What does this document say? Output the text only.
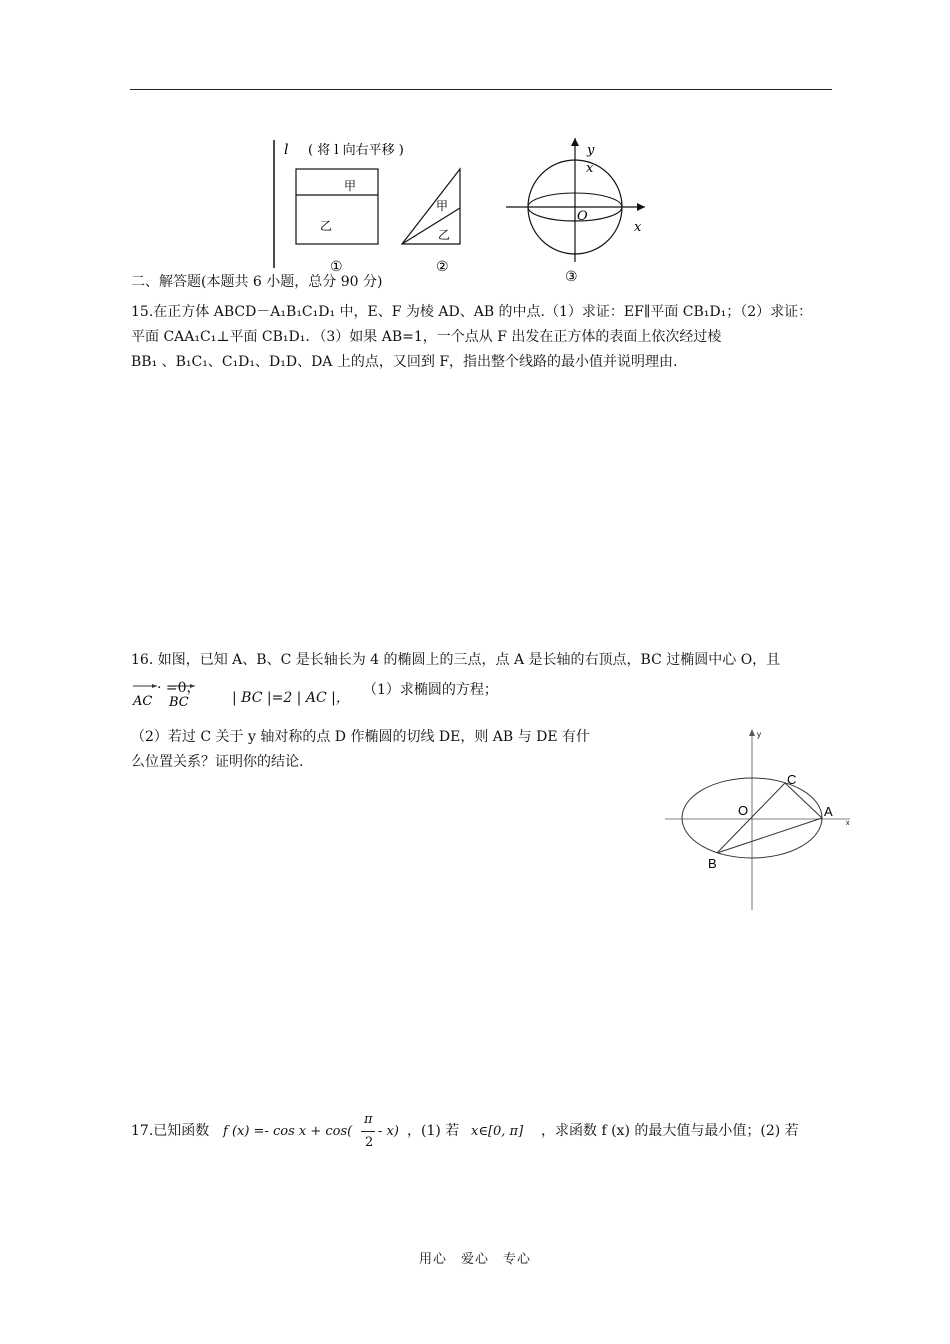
l ( 将 l 向右平移 )
甲
乙
①
甲
乙
②
y
x
O
x
③
二、解答题(本题共 6 小题，总分 90 分)
15.在正方体 ABCD－A₁B₁C₁D₁ 中，E、F 为棱 AD、AB 的中点.（1）求证：EF∥平面 CB₁D₁；（2）求证：
平面 CAA₁C₁⊥平面 CB₁D₁．（3）如果 AB=1，一个点从 F 出发在正方体的表面上依次经过棱
BB₁ 、B₁C₁、C₁D₁、D₁D、DA 上的点，又回到 F，指出整个线路的最小值并说明理由.
16. 如图，已知 A、B、C 是长轴长为 4 的椭圆上的三点，点 A 是长轴的右顶点，BC 过椭圆中心 O，且
AC BC
· =0，
| BC |=2 | AC |， （1）求椭圆的方程；
（2）若过 C 关于 y 轴对称的点 D 作椭圆的切线 DE，则 AB 与 DE 有什
么位置关系？证明你的结论.
y
x
O	A
B
C
17.已知函数 f (x) =- cos x + cos(
π
2
- x) ，(1) 若 x∈[0, π] ，求函数 f (x) 的最大值与最小值；(2) 若
用心　爱心　专心
